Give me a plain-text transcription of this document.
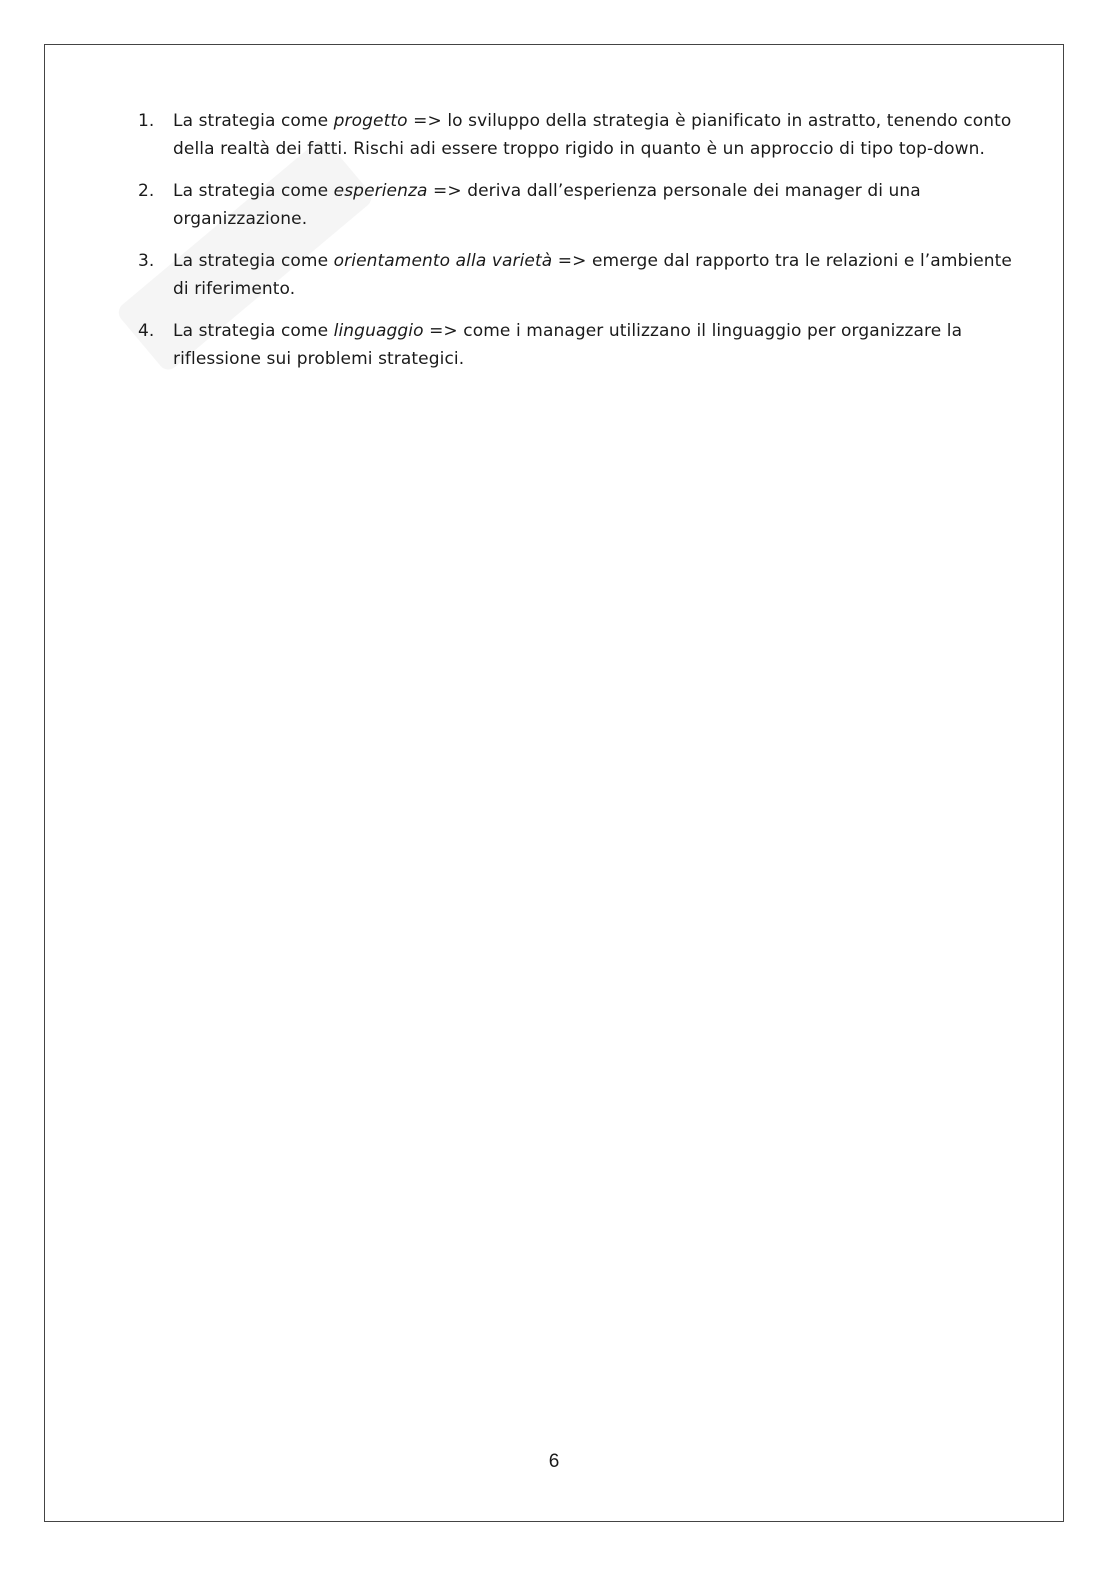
1. La strategia come progetto => lo sviluppo della strategia è pianificato in astratto, tenendo conto della realtà dei fatti. Rischi adi essere troppo rigido in quanto è un approccio di tipo top-down.
2. La strategia come esperienza => deriva dall’esperienza personale dei manager di una organizzazione.
3. La strategia come orientamento alla varietà => emerge dal rapporto tra le relazioni e l’ambiente di riferimento.
4. La strategia come linguaggio => come i manager utilizzano il linguaggio per organizzare la riflessione sui problemi strategici.
6
